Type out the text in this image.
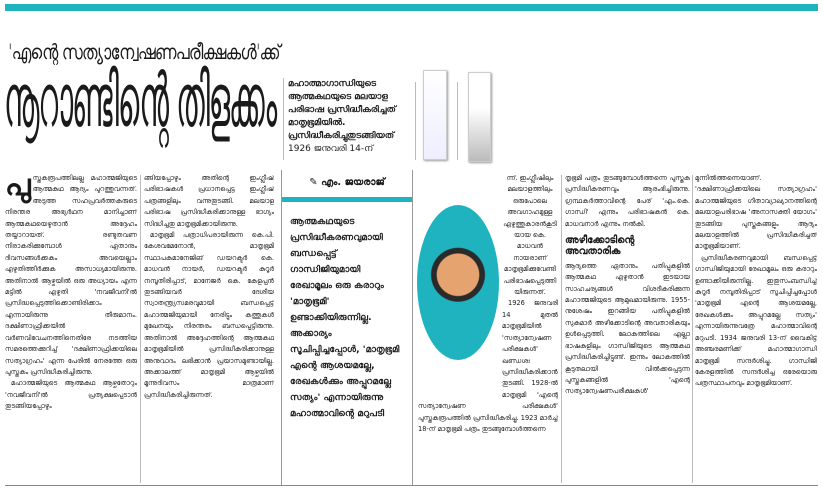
'എന്റെ സത്യാന്വേഷണപരീക്ഷകൾ'ക്ക്
നൂറാണ്ടിന്റെ തിളക്കം മഹാത്മാഗാന്ധിയുടെ ആത്മകഥയുടെ മലയാള പരിഭാഷ പ്രസിദ്ധീകരിച്ചത് മാതൃഭൂമിയിൽ. പ്രസിദ്ധീകരിച്ചുതുടങ്ങിയത്
1926 ജനുവരി 14-ന്
പു സ്തകരൂപത്തിലല്ല മഹാത്മജിയുടെ ആത്മകഥ ആദ്യം പുറത്തുവന്നത്. അടുത്ത സഹപ്രവർത്തകരുടെ നിരന്തര അഭ്യർഥന മാനിച്ചാണ് ആത്മകഥയെഴുതാൻ അദ്ദേഹം തയ്യാറായത്. രണ്ടുതവണ നിരാകരിക്കുമ്പോൾ ഏതാനും ദിവസങ്ങൾക്കകം അവയെല്ലാം എഴുതിത്തീർക്കുക അസാധ്യമായിരുന്നു. അതിനാൽ ആഴ്ചയിൽ ഒരു അധ്യായം എന്ന മട്ടിൽ എഴുതി 'നവജീവനി'ൽ പ്രസിദ്ധപ്പെടുത്തിക്കൊണ്ടിരിക്കാം എന്നായിരുന്നു തീരുമാനം. ദക്ഷിണാഫ്രിക്കയിൽ വർണവിവേചനത്തിനെതിരേ നടത്തിയ സമരത്തെക്കുറിച്ച് 'ദക്ഷിണാഫ്രിക്കയിലെ സത്യാഗ്രഹം' എന്ന പേരിൽ നേരത്തേ ഒരു പുസ്തകം പ്രസിദ്ധീകരിച്ചിരുന്നു.

മഹാത്മജിയുടെ ആത്മകഥ ആഴ്ചതോറും 'നവജീവനി'ൽ പ്രത്യക്ഷപ്പെടാൻ തുടങ്ങിയപ്പോഴും

ങ്ങിയപ്പോഴും അതിന്റെ ഇംഗ്ലീഷ് പരിഭാഷകൾ പ്രധാനപ്പെട്ട ഇംഗ്ലീഷ് പത്രങ്ങളിലും വന്നുതുടങ്ങി. മലയാള പരിഭാഷ പ്രസിദ്ധീകരിക്കാനുള്ള ഭാഗ്യം സിദ്ധിച്ചതു മാതൃഭൂമിക്കായിരുന്നു.

മാതൃഭൂമി പത്രാധിപരായിരുന്ന കെ.പി. കേശവമേനോൻ, മാതൃഭൂമി സ്ഥാപകമാനേജിങ് ഡയറക്ടർ കെ. മാധവൻ നായർ, ഡയറക്ടർ കുറൂർ നമ്പൂതിരിപ്പാട്, മാനേജർ കെ. കേളപ്പൻ തുടങ്ങിയവർ ദേശീയ സ്വാതന്ത്ര്യസമരവുമായി ബന്ധപ്പെട്ട് മഹാത്മജിയുമായി നേരിട്ടും കത്തുകൾ മുഖേനയും നിരന്തരം ബന്ധപ്പെട്ടിരുന്നു. അതിനാൽ അദ്ദേഹത്തിന്റെ ആത്മകഥ മാതൃഭൂമിയിൽ പ്രസിദ്ധീകരിക്കാനുള്ള അനുവാദം ലഭിക്കാൻ പ്രയാസമുണ്ടായില്ല. അക്കാലത്ത് മാതൃഭൂമി ആഴ്ചയിൽ മൂന്നുദിവസം മാത്രമാണ് പ്രസിദ്ധീകരിച്ചിരുന്നത്.

✎ എം. ജയരാജ്
ആത്മകഥയുടെ പ്രസിദ്ധീകരണവുമായി ബന്ധപ്പെട്ട് ഗാന്ധിജിയുമായി രേഖാമൂലം ഒരു കരാറും 'മാതൃഭൂമി' ഉണ്ടാക്കിയിരുന്നില്ല. അക്കാര്യം സൂചിപ്പിച്ചപ്പോൾ, 'മാതൃഭൂമി എന്റെ ആശയമല്ലേ, രേഖകൾക്കും അപ്പുറമല്ലേ സത്യം' എന്നായിരുന്നു മഹാത്മാവിന്റെ മറുപടി

ന്ന്. ഇംഗ്ലീഷിലും മലയാളത്തിലും ഒരുപോലെ അവഗാഹമുള്ള എഴുത്തുകാരൻകൂടിയായ കെ. മാധവൻ നായരാണ് മാതൃഭൂമിക്കുവേണ്ടി പരിഭാഷപ്പെടുത്തിയിരുന്നത്.

1926 ജനുവരി 14 മുതൽ മാതൃഭൂമിയിൽ 'സത്യാന്വേഷണ പരീക്ഷകൾ' ഖണ്ഡശഃ പ്രസിദ്ധീകരിക്കാൻ തുടങ്ങി. 1928-ൽ മാതൃഭൂമി 'എന്റെ സത്യാന്വേഷണ പരീക്ഷകൾ' പുസ്തകരൂപത്തിൽ പ്രസിദ്ധീകരിച്ചു. 1923 മാർച്ച് 18-ന് മാതൃഭൂമി പത്രം തുടങ്ങുമ്പോൾത്തന്നെ

തൃഭൂമി പത്രം തുടങ്ങുമ്പോൾത്തന്നെ പുസ്തക പ്രസിദ്ധീകരണവും ആരംഭിച്ചിരുന്നു. ഗ്രന്ഥകർത്താവിന്റെ പേര് 'എം.കെ. ഗാന്ധി' എന്നും പരിഭാഷകൻ കെ. മാധവനാർ എന്നും നൽകി.

അഴീക്കോടിന്റെ അവതാരിക

ആദ്യത്തെ ഏതാനും പതിപ്പുകളിൽ ആത്മകഥ എഴുതാൻ ഇടയായ സാഹചര്യങ്ങൾ വിശദീകരിക്കുന്ന മഹാത്മജിയുടെ ആമുഖമായിരുന്നു. 1955-നുശേഷം ഇറങ്ങിയ പതിപ്പുകളിൽ സുകുമാർ അഴീക്കോടിന്റെ അവതാരികയും ഉൾപ്പെടുത്തി. ലോകത്തിലെ എല്ലാ ഭാഷകളിലും ഗാന്ധിജിയുടെ ആത്മകഥ പ്രസിദ്ധീകരിച്ചിട്ടുണ്ട്. ഇന്നും ലോകത്തിൽ കൂടുതലായി വിൽക്കപ്പെടുന്ന പുസ്തകങ്ങളിൽ 'എന്റെ സത്യാന്വേഷണപരീക്ഷകൾ'

മുന്നിൽത്തന്നെയാണ്. 'ദക്ഷിണാഫ്രിക്കയിലെ സത്യാഗ്രഹം' മഹാത്മജിയുടെ ഗീതാവ്യാഖ്യാനത്തിന്റെ മലയാളപരിഭാഷ 'അനാസക്തി യോഗം' തുടങ്ങിയ പുസ്തകങ്ങളും ആദ്യം മലയാളത്തിൽ പ്രസിദ്ധീകരിച്ചത് മാതൃഭൂമിയാണ്.

പ്രസിദ്ധീകരണവുമായി ബന്ധപ്പെട്ട് ഗാന്ധിജിയുമായി രേഖാമൂലം ഒരു കരാറും ഉണ്ടാക്കിയിരുന്നില്ല. ഇതുസംബന്ധിച്ച് കുറൂർ നമ്പൂതിരിപ്പാട് സൂചിപ്പിച്ചപ്പോൾ 'മാതൃഭൂമി എന്റെ ആശയമല്ലേ, രേഖകൾക്കും അപ്പുറമല്ലേ സത്യം' എന്നായിരുന്നുവത്രേ മഹാത്മാവിന്റെ മറുപടി. 1934 ജനുവരി 13-ന് വൈകിട്ട് അഞ്ചരമണിക്ക് മഹാത്മാഗാന്ധി മാതൃഭൂമി സന്ദർശിച്ചു. ഗാന്ധിജി കേരളത്തിൽ സന്ദർശിച്ച ഒരേയൊരു പത്രസ്ഥാപനവും മാതൃഭൂമിയാണ്.
